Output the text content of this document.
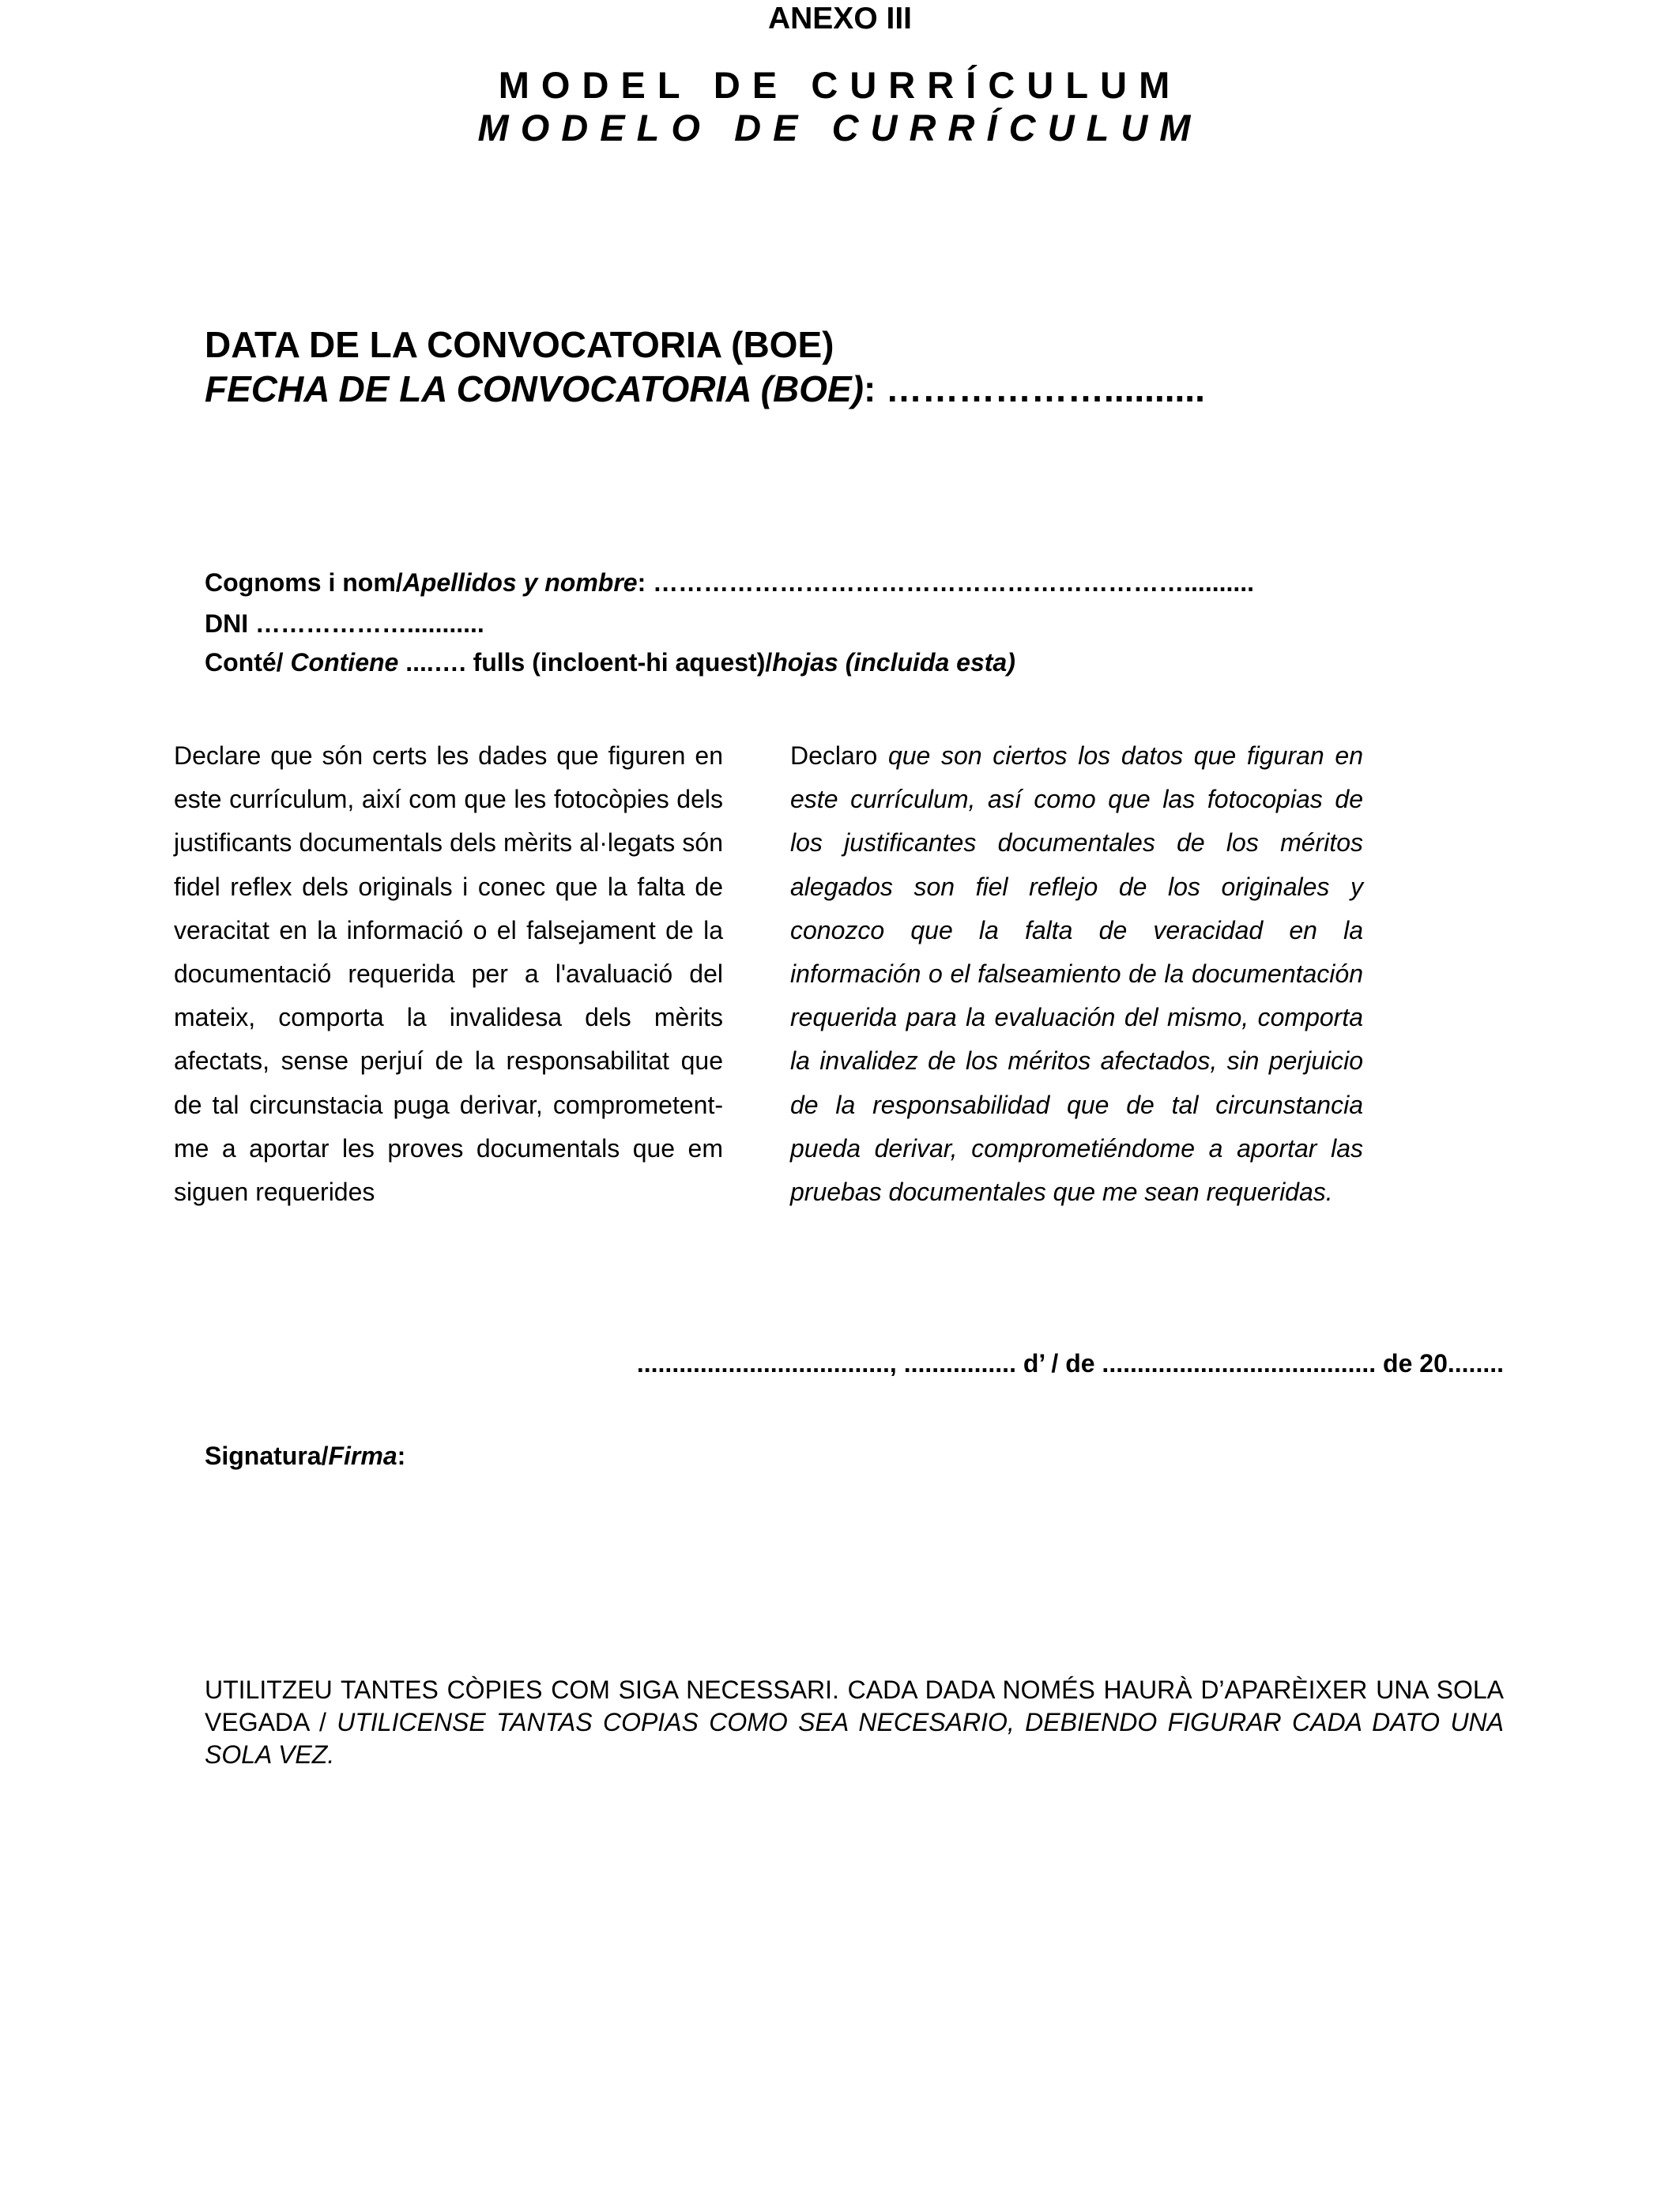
ANEXO III
MODEL DE CURRÍCULUM
MODELO DE CURRÍCULUM
DATA DE LA CONVOCATORIA (BOE)
FECHA DE LA CONVOCATORIA (BOE): ………………..........
Cognoms i nom/Apellidos y nombre: ………………………………………………………..........
DNI ………………...........
Conté/ Contiene ....…. fulls (incloent-hi aquest)/hojas (incluida esta)
Declare que són certs les dades que figuren en este currículum, així com que les fotocòpies dels justificants documentals dels mèrits al·legats són fidel reflex dels originals i conec que la falta de veracitat en la informació o el falsejament de la documentació requerida per a l'avaluació del mateix, comporta la invalidesa dels mèrits afectats, sense perjuí de la responsabilitat que de tal circunstacia puga derivar, comprometent-me a aportar les proves documentals que em siguen requerides
Declaro que son ciertos los datos que figuran en este currículum, así como que las fotocopias de los justificantes documentales de los méritos alegados son fiel reflejo de los originales y conozco que la falta de veracidad en la información o el falseamiento de la documentación requerida para la evaluación del mismo, comporta la invalidez de los méritos afectados, sin perjuicio de la responsabilidad que de tal circunstancia pueda derivar, comprometiéndome a aportar las pruebas documentales que me sean requeridas.
...................................., ................ d’ / de ....................................... de 20........
Signatura/Firma:
UTILITZEU TANTES CÒPIES COM SIGA NECESSARI. CADA DADA NOMÉS HAURÀ D’APARÈIXER UNA SOLA VEGADA / UTILICENSE TANTAS COPIAS COMO SEA NECESARIO, DEBIENDO FIGURAR CADA DATO UNA SOLA VEZ.
